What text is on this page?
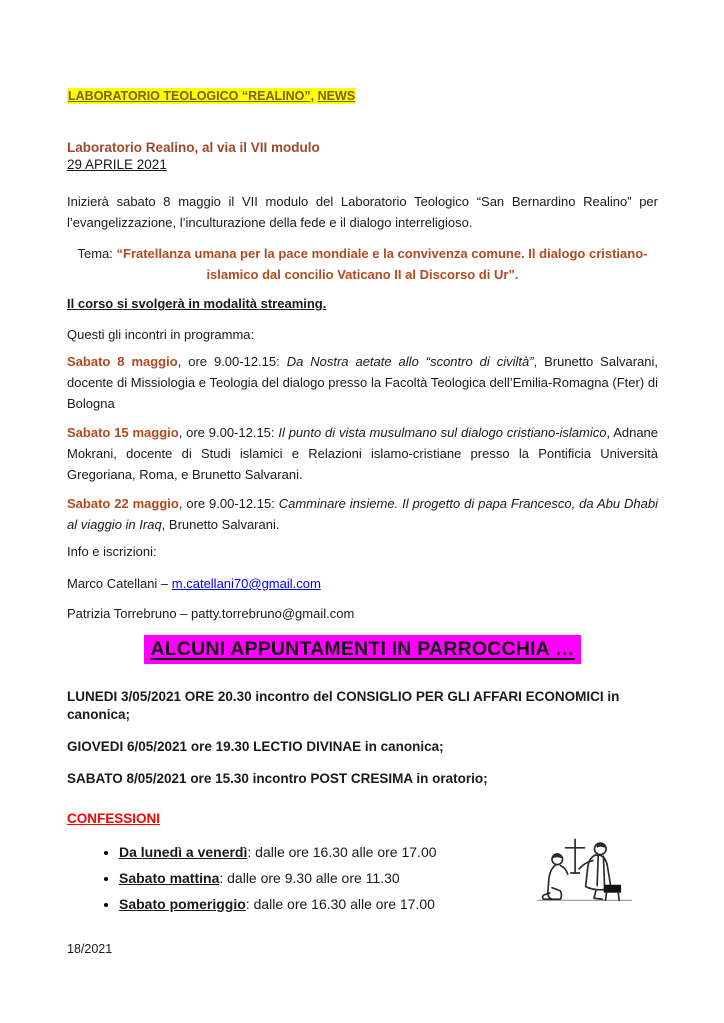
LABORATORIO TEOLOGICO “REALINO”, NEWS

Laboratorio Realino, al via il VII modulo
29 APRILE 2021

Inizierà sabato 8 maggio il VII modulo del Laboratorio Teologico “San Bernardino Realino” per l’evangelizzazione, l’inculturazione della fede e il dialogo interreligioso.

Tema: “Fratellanza umana per la pace mondiale e la convivenza comune. Il dialogo cristiano-islamico dal concilio Vaticano II al Discorso di Ur”.

Il corso si svolgerà in modalità streaming.

Questi gli incontri in programma:

Sabato 8 maggio, ore 9.00-12.15: Da Nostra aetate allo “scontro di civiltà”, Brunetto Salvarani, docente di Missiologia e Teologia del dialogo presso la Facoltà Teologica dell’Emilia-Romagna (Fter) di Bologna

Sabato 15 maggio, ore 9.00-12.15: Il punto di vista musulmano sul dialogo cristiano-islamico, Adnane Mokrani, docente di Studi islamici e Relazioni islamo-cristiane presso la Pontificia Università Gregoriana, Roma, e Brunetto Salvarani.

Sabato 22 maggio, ore 9.00-12.15: Camminare insieme. Il progetto di papa Francesco, da Abu Dhabi al viaggio in Iraq, Brunetto Salvarani.

Info e iscrizioni:

Marco Catellani – m.catellani70@gmail.com

Patrizia Torrebruno – patty.torrebruno@gmail.com

ALCUNI APPUNTAMENTI IN PARROCCHIA …

LUNEDI 3/05/2021 ORE 20.30 incontro del CONSIGLIO PER GLI AFFARI ECONOMICI in canonica;

GIOVEDI 6/05/2021 ore 19.30 LECTIO DIVINAE in canonica;

SABATO 8/05/2021 ore 15.30 incontro POST CRESIMA in oratorio;

CONFESSIONI

• Da lunedì a venerdì: dalle ore 16.30 alle ore 17.00
• Sabato mattina: dalle ore 9.30 alle ore 11.30
• Sabato pomeriggio: dalle ore 16.30 alle ore 17.00
18/2021
